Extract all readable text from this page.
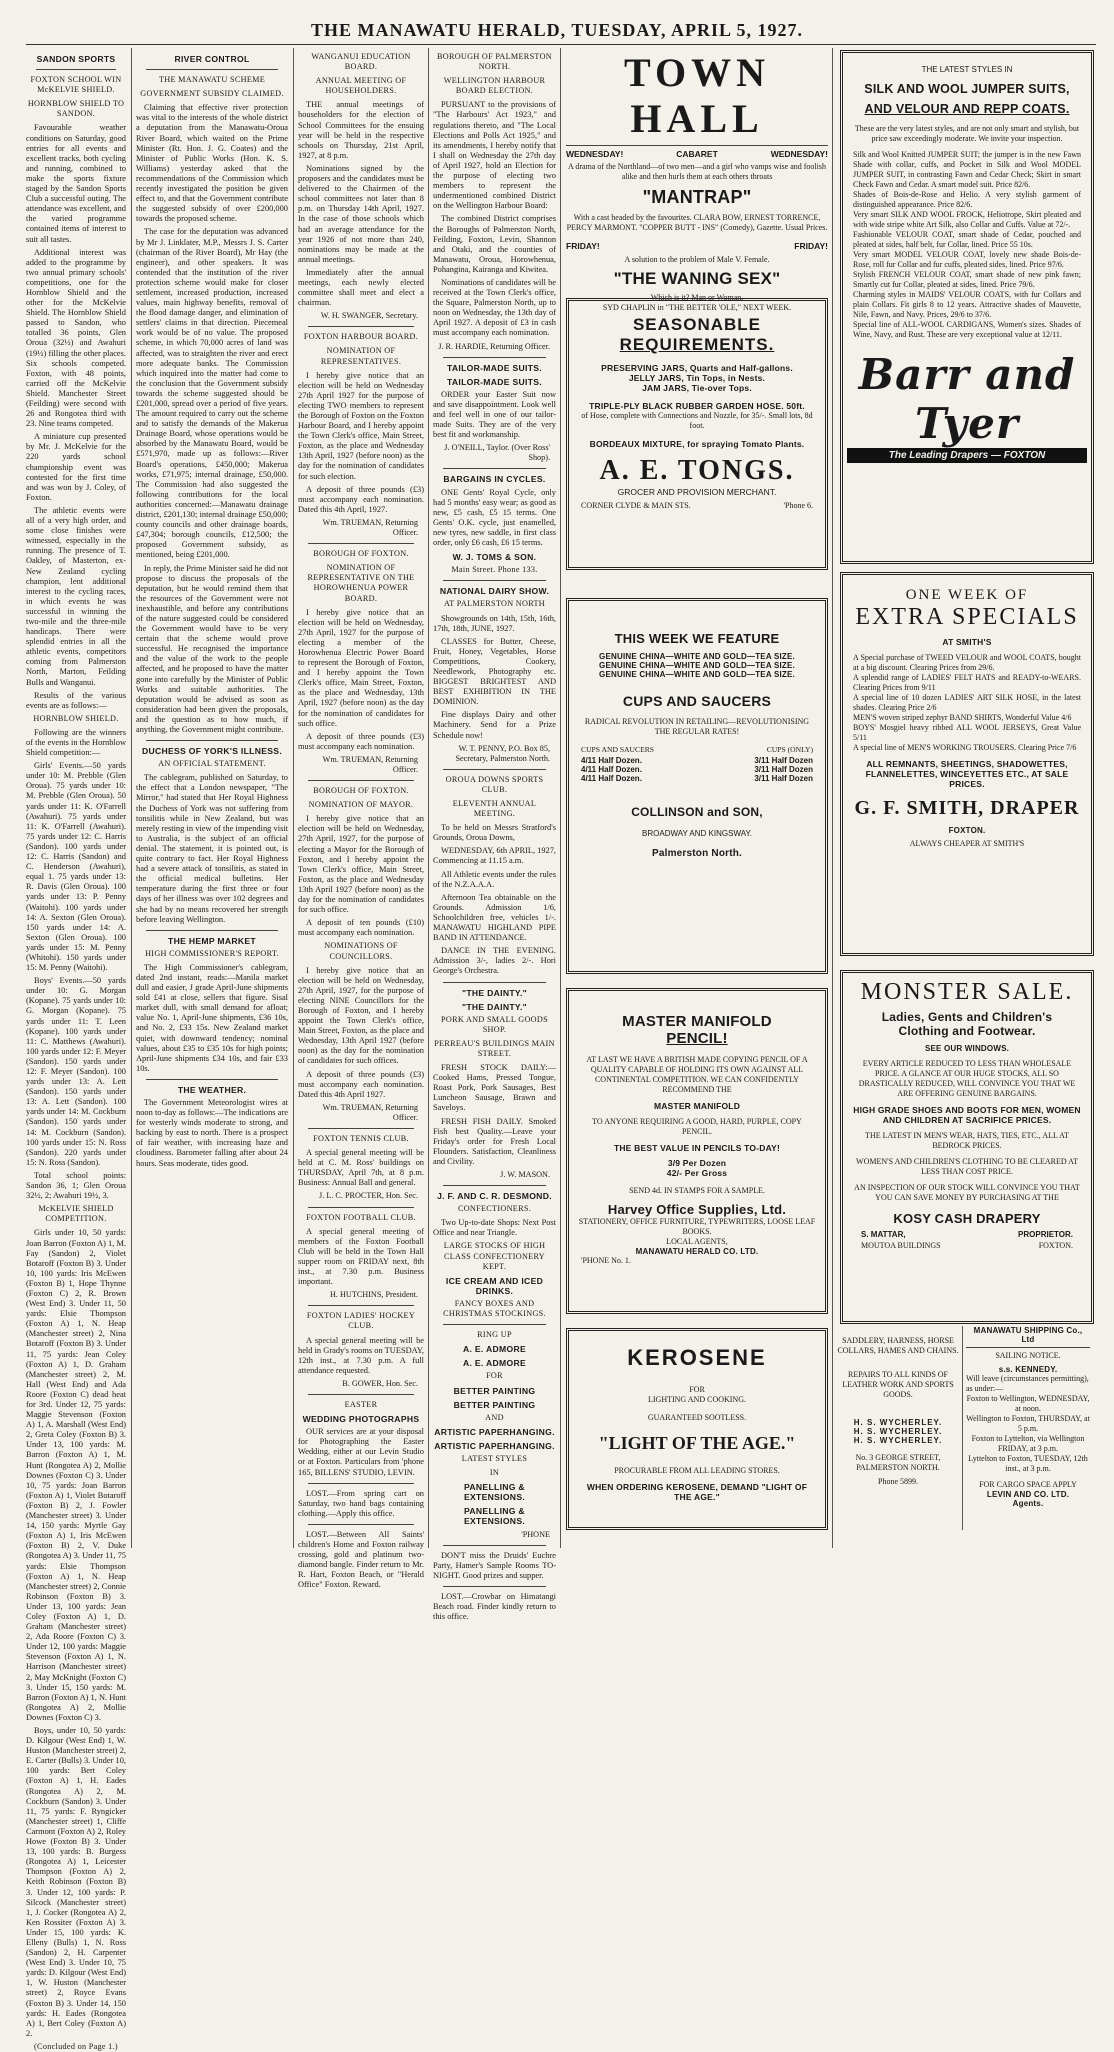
THE MANAWATU HERALD, TUESDAY, APRIL 5, 1927.
SANDON SPORTS
FOXTON SCHOOL WIN McKELVIE SHIELD.
HORNBLOW SHIELD TO SANDON.

Favourable weather conditions on Saturday, good entries for all events and excellent tracks, both cycling and running, combined to make the sports fixture staged by the Sandon Sports Club a successful outing. The attendance was excellent, and the varied programme contained items of interest to suit all tastes.

Additional interest was added to the programme by two annual primary schools' competitions, one for the Hornblow Shield and the other for the McKelvie Shield. The Hornblow Shield passed to Sandon, who totalled 36 points, Glen Oroua (32½) and Awahuri (19½) filling the other places. Six schools competed. Foxton, with 48 points, carried off the McKelvie Shield. Manchester Street (Feilding) were second with 26 and Rongotea third with 23. Nine teams competed.

A miniature cup presented by Mr. J. McKelvie for the 220 yards school championship event was contested for the first time and was won by J. Coley, of Foxton.

The athletic events were all of a very high order, and some close finishes were witnessed, especially in the running. The presence of T. Oakley, of Masterton, ex-New Zealand cycling champion, lent additional interest to the cycling races, in which events he was successful in winning the two-mile and the three-mile handicaps. There were splendid entries in all the athletic events, competitors coming from Palmerston North, Marton, Feilding Bulls and Wanganui.

Results of the various events are as follows:—

HORNBLOW SHIELD.

Following are the winners of the events in the Hornblow Shield competition:—

Girls' Events.—50 yards under 10: M. Prebble (Glen Oroua). 75 yards under 10: M. Prebble (Glen Oroua). 50 yards under 11: K. O'Farrell (Awahuri). 75 yards under 11: K. O'Farrell (Awahuri). 75 yards under 12: C. Harris (Sandon). 100 yards under 12: C. Harris (Sandon) and C. Henderson (Awahuri), equal 1. 75 yards under 13: R. Davis (Glen Oroua). 100 yards under 13: P. Penny (Waitohi). 100 yards under 14: A. Sexton (Glen Oroua). 150 yards under 14: A. Sexton (Glen Oroua). 100 yards under 15: M. Penny (Whitohi). 150 yards under 15: M. Penny (Waitohi).

Boys' Events.—50 yards under 10: G. Morgan (Kopane). 75 yards under 10: G. Morgan (Kopane). 75 yards under 11: T. Leen (Kopane). 100 yards under 11: C. Matthews (Awahuri). 100 yards under 12: F. Meyer (Sandon). 150 yards under 12: F. Meyer (Sandon). 100 yards under 13: A. Lett (Sandon). 150 yards under 13: A. Lett (Sandon). 100 yards under 14: M. Cockburn (Sandon). 150 yards under 14: M. Cockburn (Sandon). 100 yards under 15: N. Ross (Sandon). 220 yards under 15: N. Ross (Sandon).

Total school points: Sandon 36, 1; Glen Oroua 32½, 2; Awahuri 19½, 3.

McKELVIE SHIELD COMPETITION.

Girls under 10, 50 yards: Joan Barron (Foxton A) 1, M. Fay (Sandon) 2, Violet Botaroff (Foxton B) 3. Under 10, 100 yards: Iris McEwen (Foxton B) 1, Hope Thynne (Foxton C) 2, R. Brown (West End) 3. Under 11, 50 yards: Elsie Thompson (Foxton A) 1, N. Heap (Manchester street) 2, Nina Botaroff (Foxton B) 3. Under 11, 75 yards: Jean Coley (Foxton A) 1, D. Graham (Manchester street) 2, M. Hall (West End) and Ada Roore (Foxton C) dead heat for 3rd. Under 12, 75 yards: Maggie Stevenson (Foxton A) 1, A. Marshall (West End) 2, Greta Coley (Foxton B) 3. Under 13, 100 yards: M. Barron (Foxton A) 1, M. Hunt (Rongotea A) 2, Mollie Downes (Foxton C) 3. Under 10, 75 yards: Joan Barron (Foxton A) 1, Violet Botaroff (Foxton B) 2, J. Fowler (Manchester street) 3. Under 14, 150 yards: Myrtle Gay (Foxton A) 1, Iris McEwen (Foxton B) 2, V. Duke (Rongotea A) 3. Under 11, 75 yards: Elsie Thompson (Foxton A) 1, N. Heap (Manchester street) 2, Connie Robinson (Foxton B) 3. Under 13, 100 yards: Jean Coley (Foxton A) 1, D. Graham (Manchester street) 2, Ada Roore (Foxton C) 3. Under 12, 100 yards: Maggie Stevenson (Foxton A) 1, N. Harrison (Manchester street) 2, May McKnight (Foxton C) 3. Under 15, 150 yards: M. Barron (Foxton A) 1, N. Hunt (Rongotea A) 2, Mollie Downes (Foxton C) 3.

Boys, under 10, 50 yards: D. Kilgour (West End) 1, W. Huston (Manchester street) 2, E. Carter (Bulls) 3. Under 10, 100 yards: Bert Coley (Foxton A) 1, H. Eades (Rongotea A) 2, M. Cockburn (Sandon) 3. Under 11, 75 yards: F. Ryngicker (Manchester street) 1, Cliffe Carmont (Foxton A) 2, Roley Howe (Foxton B) 3. Under 13, 100 yards: B. Burgess (Rongotea A) 1, Leicester Thompson (Foxton A) 2, Keith Robinson (Foxton B) 3. Under 12, 100 yards: P. Silcock (Manchester street) 1, J. Cocker (Rongotea A) 2, Ken Rossiter (Foxton A) 3. Under 15, 100 yards: K. Elleny (Bulls) 1, N. Ross (Sandon) 2, H. Carpenter (West End) 3. Under 10, 75 yards: D. Kilgour (West End) 1, W. Huston (Manchester street) 2, Royce Evans (Foxton B) 3. Under 14, 150 yards: H. Eades (Rongotea A) 1, Bert Coley (Foxton A) 2.

(Concluded on Page 1.)
RIVER CONTROL
THE MANAWATU SCHEME
GOVERNMENT SUBSIDY CLAIMED.

Claiming that effective river protection was vital to the interests of the whole district a deputation from the Manawatu-Oroua River Board, which waited on the Prime Minister (Rt. Hon. J. G. Coates) and the Minister of Public Works (Hon. K. S. Williams) yesterday asked that the recommendations of the Commission which recently investigated the position be given effect to, and that the Government contribute the suggested subsidy of over £200,000 towards the proposed scheme.

The case for the deputation was advanced by Mr J. Linklater, M.P., Messrs J. S. Carter (chairman of the River Board), Mr Hay (the engineer), and other speakers. It was contended that the institution of the river protection scheme would make for closer settlement, increased production, increased values, main highway benefits, removal of the flood damage danger, and elimination of settlers' claims in that direction. Piecemeal work would be of no value. The proposed scheme, in which 70,000 acres of land was affected, was to straighten the river and erect more adequate banks. The Commission which inquired into the matter had come to the conclusion that the Government subsidy towards the scheme suggested should be £201,000, spread over a period of five years. The amount required to carry out the scheme and to satisfy the demands of the Makerua Drainage Board, whose operations would be absorbed by the Manawatu Board, would be £571,970, made up as follows:—River Board's operations, £450,000; Makerua works, £71,975; internal drainage, £50,000. The Commission had also suggested the following contributions for the local authorities concerned:—Manawatu drainage district, £201,130; internal drainage £50,000; county councils and other drainage boards, £47,304; borough councils, £12,500; the proposed Government subsidy, as mentioned, being £201,000.

In reply, the Prime Minister said he did not propose to discuss the proposals of the deputation, but he would remind them that the resources of the Government were not inexhaustible, and before any contributions of the nature suggested could be considered the Government would have to be very certain that the scheme would prove successful. He recognised the importance and the value of the work to the people affected, and he proposed to have the matter gone into carefully by the Minister of Public Works and suitable authorities. The deputation would be advised as soon as consideration had been given the proposals, and the question as to how much, if anything, the Government might contribute.

DUCHESS OF YORK'S ILLNESS.
AN OFFICIAL STATEMENT.

The cablegram, published on Saturday, to the effect that a London newspaper, "The Mirror," had stated that Her Royal Highness the Duchess of York was not suffering from tonsilitis while in New Zealand, but was merely resting in view of the impending visit to Australia, is the subject of an official denial. The statement, it is pointed out, is quite contrary to fact. Her Royal Highness had a severe attack of tonsilitis, as stated in the official medical bulletins. Her temperature during the first three or four days of her illness was over 102 degrees and she had by no means recovered her strength before leaving Wellington.

THE HEMP MARKET
HIGH COMMISSIONER'S REPORT.

The High Commissioner's cablegram, dated 2nd instant, reads:—Manila market dull and easier, J grade April-June shipments sold £41 at close, sellers that figure. Sisal market dull, with small demand for afloat; value No. 1, April-June shipments, £36 10s, and No. 2, £33 15s. New Zealand market quiet, with downward tendency; nominal values, about £35 to £35 10s for high points; April-June shipments £34 10s, and fair £33 10s.

THE WEATHER.

The Government Meteorologist wires at noon to-day as follows:—The indications are for westerly winds moderate to strong, and backing by east to north. There is a prospect of fair weather, with increasing haze and cloudiness. Barometer falling after about 24 hours. Seas moderate, tides good.

WANGANUI EDUCATION BOARD.
ANNUAL MEETING OF HOUSEHOLDERS.

THE annual meetings of householders for the election of School Committees for the ensuing year will be held in the respective schools on Thursday, 21st April, 1927, at 8 p.m.

Nominations signed by the proposers and the candidates must be delivered to the Chairmen of the school committees not later than 8 p.m. on Thursday 14th April, 1927. In the case of those schools which had an average attendance for the year 1926 of not more than 240, nominations may be made at the annual meetings.

Immediately after the annual meetings, each newly elected committee shall meet and elect a chairman.

W. H. SWANGER, Secretary.
FOXTON HARBOUR BOARD.
NOMINATION OF REPRESENTATIVES.

I hereby give notice that an election will be held on Wednesday 27th April 1927 for the purpose of electing TWO members to represent the Borough of Foxton on the Foxton Harbour Board, and I hereby appoint the Town Clerk's office, Main Street, Foxton, as the place and Wednesday 13th April, 1927 (before noon) as the day for the nomination of candidates for such election.

A deposit of three pounds (£3) must accompany each nomination. Dated this 4th April, 1927.

Wm. TRUEMAN, Returning Officer.
BOROUGH OF FOXTON.
NOMINATION OF REPRESENTATIVE ON THE HOROWHENUA POWER BOARD.

I hereby give notice that an election will be held on Wednesday, 27th April, 1927 for the purpose of electing a member of the Horowhenua Electric Power Board to represent the Borough of Foxton, and I hereby appoint the Town Clerk's office, Main Street, Foxton, as the place and Wednesday, 13th April, 1927 (before noon) as the day for the nomination of candidates for such office.

A deposit of three pounds (£3) must accompany each nomination.

Wm. TRUEMAN, Returning Officer.
BOROUGH OF FOXTON.
NOMINATION OF MAYOR.

I hereby give notice that an election will be held on Wednesday, 27th April, 1927, for the purpose of electing a Mayor for the Borough of Foxton, and I hereby appoint the Town Clerk's office, Main Street, Foxton, as the place and Wednesday 13th April 1927 (before noon) as the day for the nomination of candidates for such office.

A deposit of ten pounds (£10) must accompany each nomination.

NOMINATIONS OF COUNCILLORS.

I hereby give notice that an election will be held on Wednesday, 27th April, 1927, for the purpose of electing NINE Councillors for the Borough of Foxton, and I hereby appoint the Town Clerk's office, Main Street, Foxton, as the place and Wednesday, 13th April 1927 (before noon) as the day for the nomination of candidates for such offices.

A deposit of three pounds (£3) must accompany each nomination. Dated this 4th April 1927.

Wm. TRUEMAN, Returning Officer.
FOXTON TENNIS CLUB.

A special general meeting will be held at C. M. Ross' buildings on THURSDAY, April 7th, at 8 p.m. Business: Annual Ball and general.

J. L. C. PROCTER, Hon. Sec.
FOXTON FOOTBALL CLUB.

A special general meeting of members of the Foxton Football Club will be held in the Town Hall supper room on FRIDAY next, 8th inst., at 7.30 p.m. Business important.

H. HUTCHINS, President.
FOXTON LADIES' HOCKEY CLUB.

A special general meeting will be held in Grady's rooms on TUESDAY, 12th inst., at 7.30 p.m. A full attendance requested.

B. GOWER, Hon. Sec.
EASTER
WEDDING PHOTOGRAPHS

OUR services are at your disposal for Photographing the Easter Wedding, either at our Levin Studio or at Foxton. Particulars from 'phone 165, BILLENS' STUDIO, LEVIN.

LOST.—From spring cart on Saturday, two hand bags containing clothing.—Apply this office.

LOST.—Between All Saints' children's Home and Foxton railway crossing, gold and platinum two-diamond bangle. Finder return to Mr. R. Hart, Foxton Beach, or "Herald Office" Foxton. Reward.

BOROUGH OF PALMERSTON NORTH.
WELLINGTON HARBOUR BOARD ELECTION.

PURSUANT to the provisions of "The Harbours' Act 1923," and regulations thereto, and "The Local Elections and Polls Act 1925," and its amendments, I hereby notify that I shall on Wednesday the 27th day of April 1927, hold an Election for the purpose of electing two members to represent the undermentioned combined District on the Wellington Harbour Board:

The combined District comprises the Boroughs of Palmerston North, Feilding, Foxton, Levin, Shannon and Otaki, and the counties of Manawatu, Oroua, Horowhenua, Pohangina, Kairanga and Kiwitea.

Nominations of candidates will be received at the Town Clerk's office, the Square, Palmerston North, up to noon on Wednesday, the 13th day of April 1927. A deposit of £3 in cash must accompany each nomination.

J. R. HARDIE, Returning Officer.
TAILOR-MADE SUITS.
TAILOR-MADE SUITS.

ORDER your Easter Suit now and save disappointment. Look well and feel well in one of our tailor-made Suits. They are of the very best fit and workmanship.

J. O'NEILL, Taylor. (Over Ross' Shop).
BARGAINS IN CYCLES.

ONE Gents' Royal Cycle, only had 5 months' easy wear; as good as new, £5 cash, £5 15 terms. One Gents' O.K. cycle, just enamelled, new tyres, new saddle, in first class order, only £6 cash, £6 15 terms.

W. J. TOMS & SON.
Main Street. Phone 133.
NATIONAL DAIRY SHOW.
AT PALMERSTON NORTH

Showgrounds on 14th, 15th, 16th, 17th, 18th, JUNE, 1927.

CLASSES for Butter, Cheese, Fruit, Honey, Vegetables, Horse Competitions, Cookery, Needlework, Photography etc. BIGGEST BRIGHTEST AND BEST EXHIBITION IN THE DOMINION.

Fine displays Dairy and other Machinery. Send for a Prize Schedule now!

W. T. PENNY, P.O. Box 85, Secretary, Palmerston North.
OROUA DOWNS SPORTS CLUB.
ELEVENTH ANNUAL MEETING.

To be held on Messrs Stratford's Grounds, Oroua Downs,

WEDNESDAY, 6th APRIL, 1927, Commencing at 11.15 a.m.

All Athletic events under the rules of the N.Z.A.A.A.

Afternoon Tea obtainable on the Grounds. Admission 1/6, Schoolchildren free, vehicles 1/-. MANAWATU HIGHLAND PIPE BAND IN ATTENDANCE.

DANCE IN THE EVENING. Admission 3/-, ladies 2/-. Hori George's Orchestra.

"THE DAINTY."
"THE DAINTY."
PORK AND SMALL GOODS SHOP.
PERREAU'S BUILDINGS MAIN STREET.

FRESH STOCK DAILY:—Cooked Hams, Pressed Tongue, Roast Pork, Pork Sausages, Best Luncheon Sausage, Brawn and Saveloys.

FRESH FISH DAILY. Smoked Fish best Quality.—Leave your Friday's order for Fresh Local Flounders. Satisfaction, Cleanliness and Civility.

J. W. MASON.
J. F. AND C. R. DESMOND.
CONFECTIONERS.

Two Up-to-date Shops: Next Post Office and near Triangle.

LARGE STOCKS OF HIGH CLASS CONFECTIONERY KEPT.
ICE CREAM AND ICED DRINKS.
FANCY BOXES AND CHRISTMAS STOCKINGS.
RING UP
A. E. ADMORE
A. E. ADMORE
FOR
BETTER PAINTING
BETTER PAINTING
AND
ARTISTIC PAPERHANGING.
ARTISTIC PAPERHANGING.
LATEST STYLES
IN
PANELLING & EXTENSIONS.
PANELLING & EXTENSIONS.
'PHONE

DON'T miss the Druids' Euchre Party, Hamer's Sample Rooms TO-NIGHT. Good prizes and supper.

LOST.—Crowbar on Himatangi Beach road. Finder kindly return to this office.

TOWN HALL
WEDNESDAY!	CABARET	WEDNESDAY!
A drama of the Northland—of two men—and a girl who vamps wise and foolish alike and then hurls them at each others throats
"MANTRAP"
With a cast headed by the favourites. CLARA BOW, ERNEST TORRENCE, PERCY MARMONT. "COPPER BUTT - INS" (Comedy), Gazette. Usual Prices.
FRIDAY!	FRIDAY!
A solution to the problem of Male V. Female.
"THE WANING SEX"
Which is it? Man or Woman.
SYD CHAPLIN in "THE BETTER 'OLE," NEXT WEEK.
SEASONABLE
REQUIREMENTS.
PRESERVING JARS, Quarts and Half-gallons.
JELLY JARS, Tin Tops, in Nests.
JAM JARS, Tie-over Tops.
TRIPLE-PLY BLACK RUBBER GARDEN HOSE. 50ft.
of Hose, complete with Connections and Nozzle, for 35/-. Small lots, 8d foot.
BORDEAUX MIXTURE, for spraying Tomato Plants.
A. E. TONGS.
GROCER AND PROVISION MERCHANT.
CORNER CLYDE & MAIN STS.	'Phone 6.
THIS WEEK WE FEATURE
GENUINE CHINA—WHITE AND GOLD—TEA SIZE.
GENUINE CHINA—WHITE AND GOLD—TEA SIZE.
GENUINE CHINA—WHITE AND GOLD—TEA SIZE.
CUPS AND SAUCERS
RADICAL REVOLUTION IN RETAILING—REVOLUTIONISING THE REGULAR RATES!
CUPS AND SAUCERS	CUPS (ONLY)
4/11 Half Dozen.	3/11 Half Dozen
4/11 Half Dozen.	3/11 Half Dozen
4/11 Half Dozen.	3/11 Half Dozen
COLLINSON and SON,
BROADWAY AND KINGSWAY.
Palmerston North.
MASTER MANIFOLD
PENCIL!
AT LAST WE HAVE A BRITISH MADE COPYING PENCIL OF A QUALITY CAPABLE OF HOLDING ITS OWN AGAINST ALL CONTINENTAL COMPETITION. WE CAN CONFIDENTLY RECOMMEND THE
MASTER MANIFOLD
TO ANYONE REQUIRING A GOOD, HARD, PURPLE, COPY PENCIL.
THE BEST VALUE IN PENCILS TO-DAY!
3/9 Per Dozen
42/- Per Gross
SEND 4d. IN STAMPS FOR A SAMPLE.
Harvey Office Supplies, Ltd.
STATIONERY, OFFICE FURNITURE, TYPEWRITERS, LOOSE LEAF BOOKS.
LOCAL AGENTS,
MANAWATU HERALD CO. LTD.
'PHONE No. 1.
KEROSENE
FOR
LIGHTING AND COOKING.
GUARANTEED SOOTLESS.
"LIGHT OF THE AGE."
PROCURABLE FROM ALL LEADING STORES.
WHEN ORDERING KEROSENE, DEMAND "LIGHT OF THE AGE."
THE LATEST STYLES IN
SILK AND WOOL JUMPER SUITS,
AND VELOUR AND REPP COATS.
These are the very latest styles, and are not only smart and stylish, but price saw exceedingly moderate. We invite your inspection.
Silk and Wool Knitted JUMPER SUIT; the jumper is in the new Fawn Shade with collar, cuffs, and Pocket in Silk and Wool MODEL JUMPER SUIT, in contrasting Fawn and Cedar Check; Skirt in smart Check Fawn and Cedar. A smart model suit. Price 82/6.
Shades of Bois-de-Rose and Helio. A very stylish garment of distinguished appearance. Price 82/6.
Very smart SILK AND WOOL FROCK, Heliotrope, Skirt pleated and with wide stripe white Art Silk, also Collar and Cuffs. Value at 72/-.
Fashionable VELOUR COAT, smart shade of Cedar, pouched and pleated at sides, half belt, fur Collar, lined. Price 55 10s.
Very smart MODEL VELOUR COAT, lovely new shade Bois-de-Rose, roll fur Collar and fur cuffs, pleated sides, lined. Price 97/6.
Stylish FRENCH VELOUR COAT, smart shade of new pink fawn; Smartly cut fur Collar, pleated at sides, lined. Price 79/6.
Charming styles in MAIDS' VELOUR COATS, with fur Collars and plain Collars. Fit girls 8 to 12 years. Attractive shades of Mauvette, Nile, Fawn, and Navy. Prices, 29/6 to 37/6.
Special line of ALL-WOOL CARDIGANS, Women's sizes. Shades of Wine, Navy, and Rust. These are very exceptional value at 12/11.
Barr and Tyer
The Leading Drapers — FOXTON
ONE WEEK OF
EXTRA SPECIALS
AT SMITH'S
A Special purchase of TWEED VELOUR and WOOL COATS, bought at a big discount. Clearing Prices from 29/6.
A splendid range of LADIES' FELT HATS and READY-to-WEARS. Clearing Prices from 9/11
A special line of 10 dozen LADIES' ART SILK HOSE, in the latest shades. Clearing Price 2/6
MEN'S woven striped zephyr BAND SHIRTS, Wonderful Value 4/6
BOYS' Mosgiel heavy ribbed ALL WOOL JERSEYS, Great Value 5/11
A special line of MEN'S WORKING TROUSERS. Clearing Price 7/6
ALL REMNANTS, SHEETINGS, SHADOWETTES, FLANNELETTES, WINCEYETTES ETC., AT SALE PRICES.
G. F. SMITH, DRAPER
FOXTON.
ALWAYS CHEAPER AT SMITH'S
MONSTER SALE.
Ladies, Gents and Children's
Clothing and Footwear.
SEE OUR WINDOWS.
EVERY ARTICLE REDUCED TO LESS THAN WHOLESALE PRICE. A GLANCE AT OUR HUGE STOCKS, ALL SO DRASTICALLY REDUCED, WILL CONVINCE YOU THAT WE ARE OFFERING GENUINE BARGAINS.
HIGH GRADE SHOES AND BOOTS FOR MEN, WOMEN AND CHILDREN AT SACRIFICE PRICES.
THE LATEST IN MEN'S WEAR, HATS, TIES, ETC., ALL AT BEDROCK PRICES.
WOMEN'S AND CHILDREN'S CLOTHING TO BE CLEARED AT LESS THAN COST PRICE.
AN INSPECTION OF OUR STOCK WILL CONVINCE YOU THAT YOU CAN SAVE MONEY BY PURCHASING AT THE
KOSY CASH DRAPERY
S. MATTAR,	PROPRIETOR.
MOUTOA BUILDINGS	FOXTON.
SADDLERY, HARNESS, HORSE COLLARS, HAMES AND CHAINS.
REPAIRS TO ALL KINDS OF LEATHER WORK AND SPORTS GOODS.
H. S. WYCHERLEY.
H. S. WYCHERLEY.
H. S. WYCHERLEY.
No. 3 GEORGE STREET, PALMERSTON NORTH.
Phone 5899.
MANAWATU SHIPPING Co., Ltd
SAILING NOTICE.
s.s. KENNEDY.
Will leave (circumstances permitting), as under:—
Foxton to Wellington, WEDNESDAY, at noon.
Wellington to Foxton, THURSDAY, at 5 p.m.
Foxton to Lyttelton, via Wellington FRIDAY, at 3 p.m.
Lyttelton to Foxton, TUESDAY, 12th inst., at 3 p.m.
FOR CARGO SPACE APPLY
LEVIN AND CO. LTD.
Agents.
